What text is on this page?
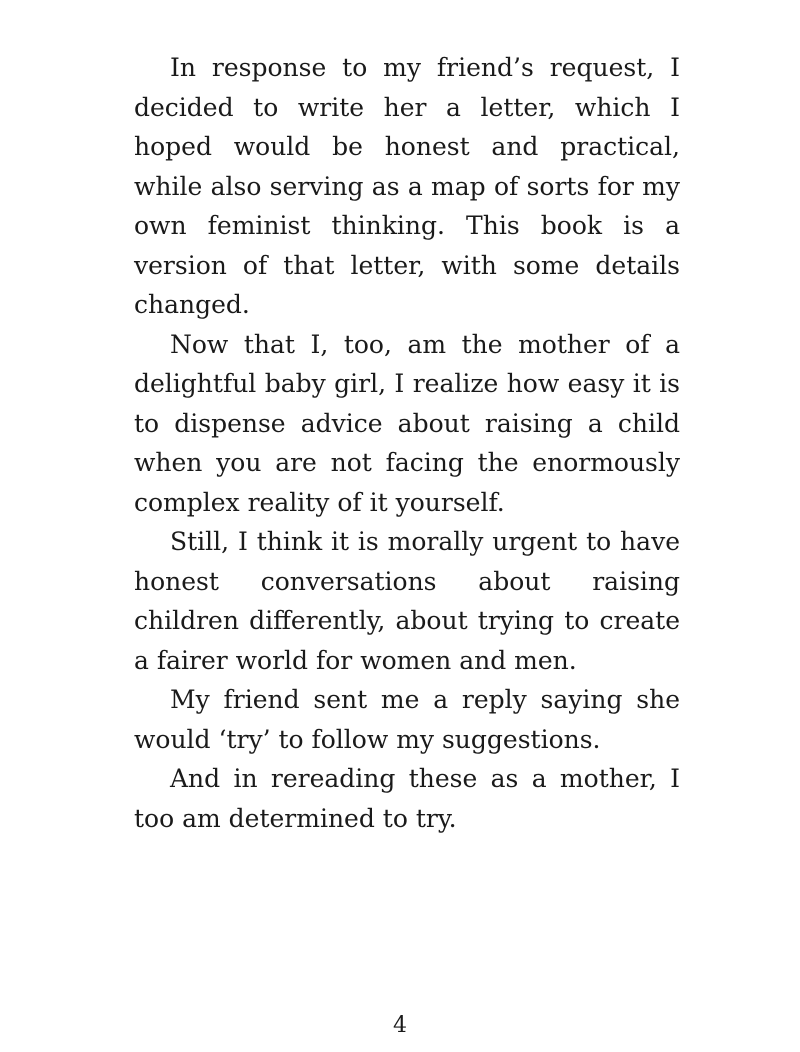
In response to my friend’s request, I decided to write her a letter, which I hoped would be honest and practical, while also serving as a map of sorts for my own feminist thinking. This book is a version of that letter, with some details changed.

Now that I, too, am the mother of a delightful baby girl, I realize how easy it is to dispense advice about raising a child when you are not facing the enormously complex reality of it yourself.

Still, I think it is morally urgent to have honest conversations about raising children differently, about trying to create a fairer world for women and men.

My friend sent me a reply saying she would ‘try’ to follow my suggestions.

And in rereading these as a mother, I too am determined to try.

4
